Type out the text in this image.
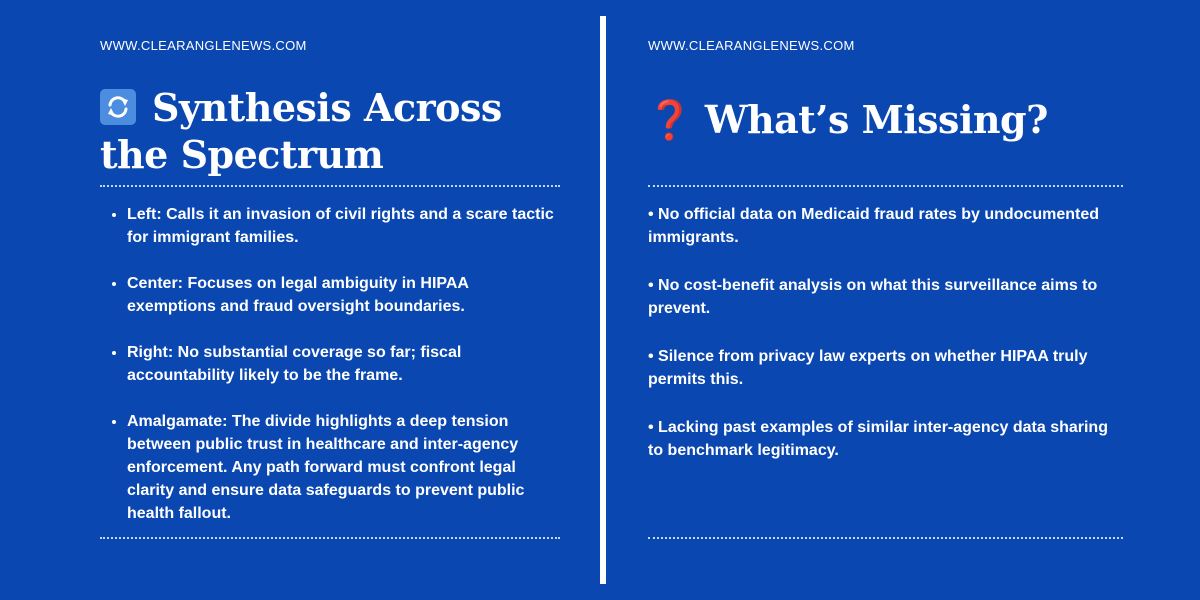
WWW.CLEARANGLENEWS.COM
Synthesis Across the Spectrum
• Left: Calls it an invasion of civil rights and a scare tactic for immigrant families.
• Center: Focuses on legal ambiguity in HIPAA exemptions and fraud oversight boundaries.
• Right: No substantial coverage so far; fiscal accountability likely to be the frame.
• Amalgamate: The divide highlights a deep tension between public trust in healthcare and inter-agency enforcement. Any path forward must confront legal clarity and ensure data safeguards to prevent public health fallout.
WWW.CLEARANGLENEWS.COM
❓ What’s Missing?
• No official data on Medicaid fraud rates by undocumented immigrants.
• No cost-benefit analysis on what this surveillance aims to prevent.
• Silence from privacy law experts on whether HIPAA truly permits this.
• Lacking past examples of similar inter-agency data sharing to benchmark legitimacy.
